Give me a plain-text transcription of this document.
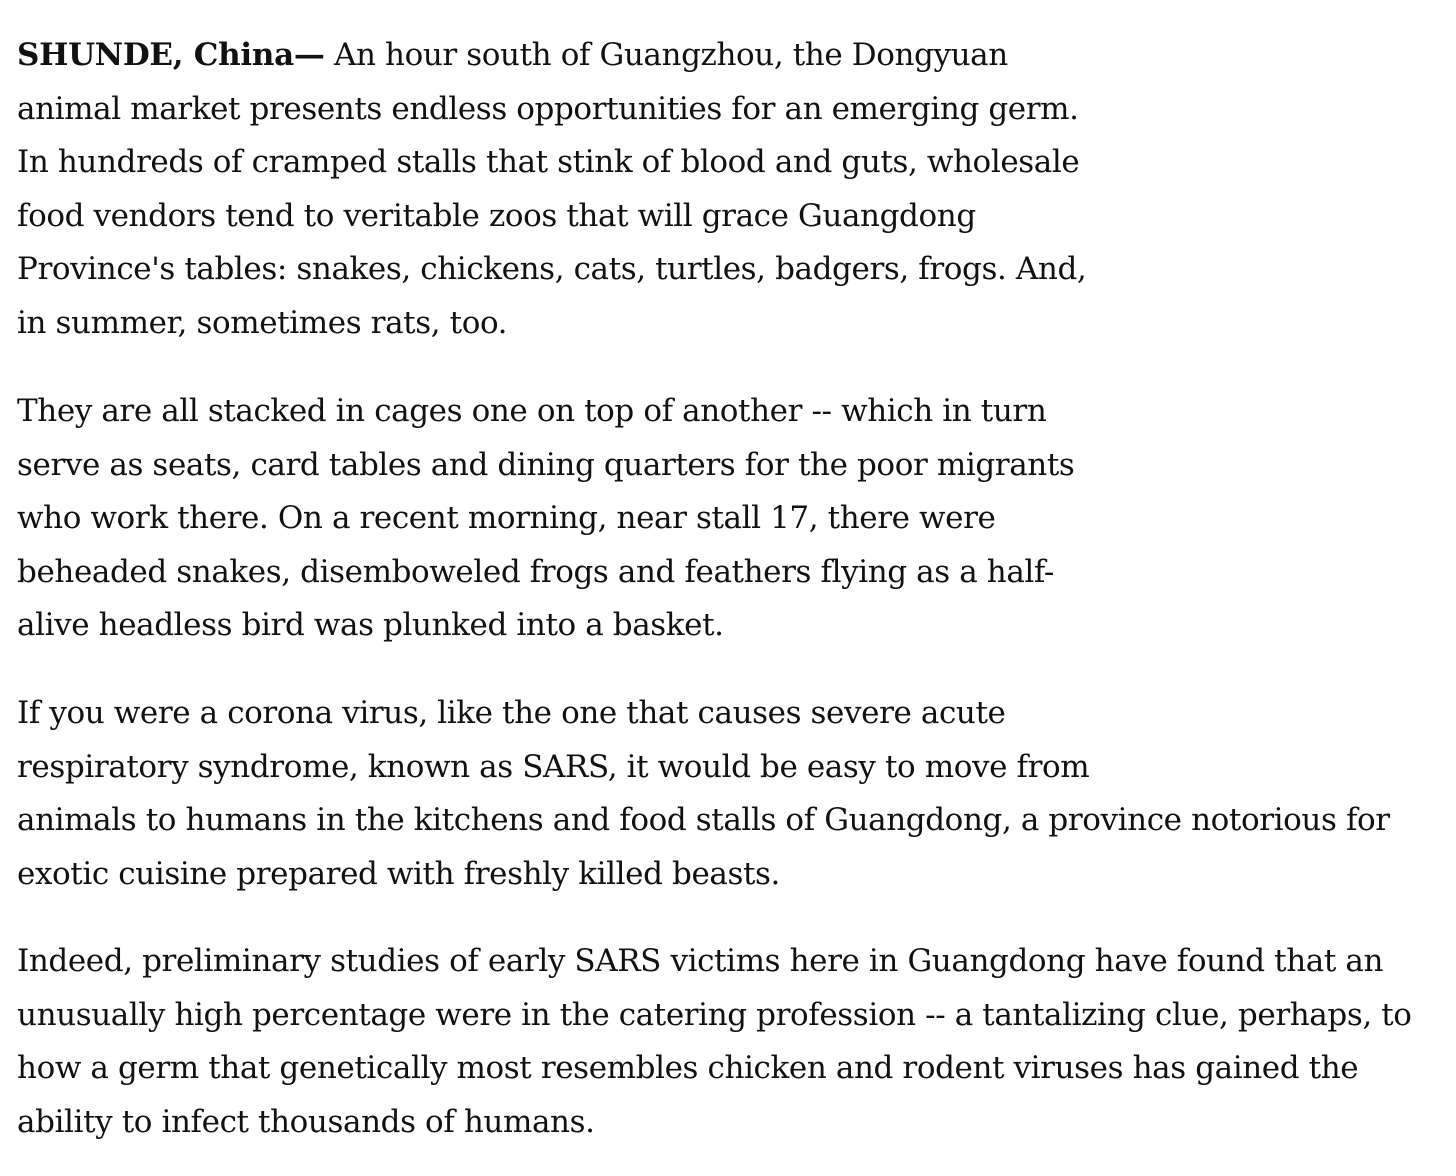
SHUNDE, China— An hour south of Guangzhou, the Dongyuan
animal market presents endless opportunities for an emerging germ.
In hundreds of cramped stalls that stink of blood and guts, wholesale
food vendors tend to veritable zoos that will grace Guangdong
Province's tables: snakes, chickens, cats, turtles, badgers, frogs. And,
in summer, sometimes rats, too.

They are all stacked in cages one on top of another -- which in turn
serve as seats, card tables and dining quarters for the poor migrants
who work there. On a recent morning, near stall 17, there were
beheaded snakes, disemboweled frogs and feathers flying as a half-
alive headless bird was plunked into a basket.

If you were a corona virus, like the one that causes severe acute
respiratory syndrome, known as SARS, it would be easy to move from
animals to humans in the kitchens and food stalls of Guangdong, a province notorious for
exotic cuisine prepared with freshly killed beasts.

Indeed, preliminary studies of early SARS victims here in Guangdong have found that an
unusually high percentage were in the catering profession -- a tantalizing clue, perhaps, to
how a germ that genetically most resembles chicken and rodent viruses has gained the
ability to infect thousands of humans.
